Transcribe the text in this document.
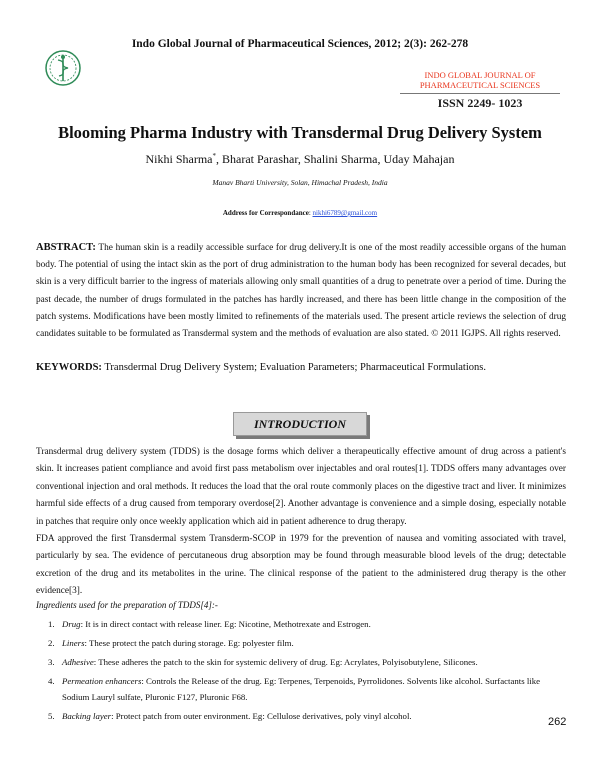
Indo Global Journal of Pharmaceutical Sciences, 2012; 2(3): 262-278
INDO GLOBAL JOURNAL OF
PHARMACEUTICAL SCIENCES
ISSN 2249- 1023
Blooming Pharma Industry with Transdermal Drug Delivery System
Nikhi Sharma*, Bharat Parashar, Shalini Sharma, Uday Mahajan
Manav Bharti University, Solan, Himachal Pradesh, India
Address for Correspondance: nikhi6789@gmail.com
ABSTRACT: The human skin is a readily accessible surface for drug delivery.It is one of the most readily accessible organs of the human body. The potential of using the intact skin as the port of drug administration to the human body has been recognized for several decades, but skin is a very difficult barrier to the ingress of materials allowing only small quantities of a drug to penetrate over a period of time. During the past decade, the number of drugs formulated in the patches has hardly increased, and there has been little change in the composition of the patch systems. Modifications have been mostly limited to refinements of the materials used. The present article reviews the selection of drug candidates suitable to be formulated as Transdermal system and the methods of evaluation are also stated. © 2011 IGJPS. All rights reserved.
KEYWORDS: Transdermal Drug Delivery System; Evaluation Parameters; Pharmaceutical Formulations.
INTRODUCTION
Transdermal drug delivery system (TDDS) is the dosage forms which deliver a therapeutically effective amount of drug across a patient's skin. It increases patient compliance and avoid first pass metabolism over injectables and oral routes[1]. TDDS offers many advantages over conventional injection and oral methods. It reduces the load that the oral route commonly places on the digestive tract and liver. It minimizes harmful side effects of a drug caused from temporary overdose[2]. Another advantage is convenience and a simple dosing, especially notable in patches that require only once weekly application which aid in patient adherence to drug therapy.
FDA approved the first Transdermal system Transderm-SCOP in 1979 for the prevention of nausea and vomiting associated with travel, particularly by sea. The evidence of percutaneous drug absorption may be found through measurable blood levels of the drug; detectable excretion of the drug and its metabolites in the urine. The clinical response of the patient to the administered drug therapy is the other evidence[3].
Ingredients used for the preparation of TDDS[4]:-
1. Drug: It is in direct contact with release liner. Eg: Nicotine, Methotrexate and Estrogen.
2. Liners: These protect the patch during storage. Eg: polyester film.
3. Adhesive: These adheres the patch to the skin for systemic delivery of drug. Eg: Acrylates, Polyisobutylene, Silicones.
4. Permeation enhancers: Controls the Release of the drug. Eg: Terpenes, Terpenoids, Pyrrolidones. Solvents like alcohol. Surfactants like Sodium Lauryl sulfate, Pluronic F127, Pluronic F68.
5. Backing layer: Protect patch from outer environment. Eg: Cellulose derivatives, poly vinyl alcohol.	262
